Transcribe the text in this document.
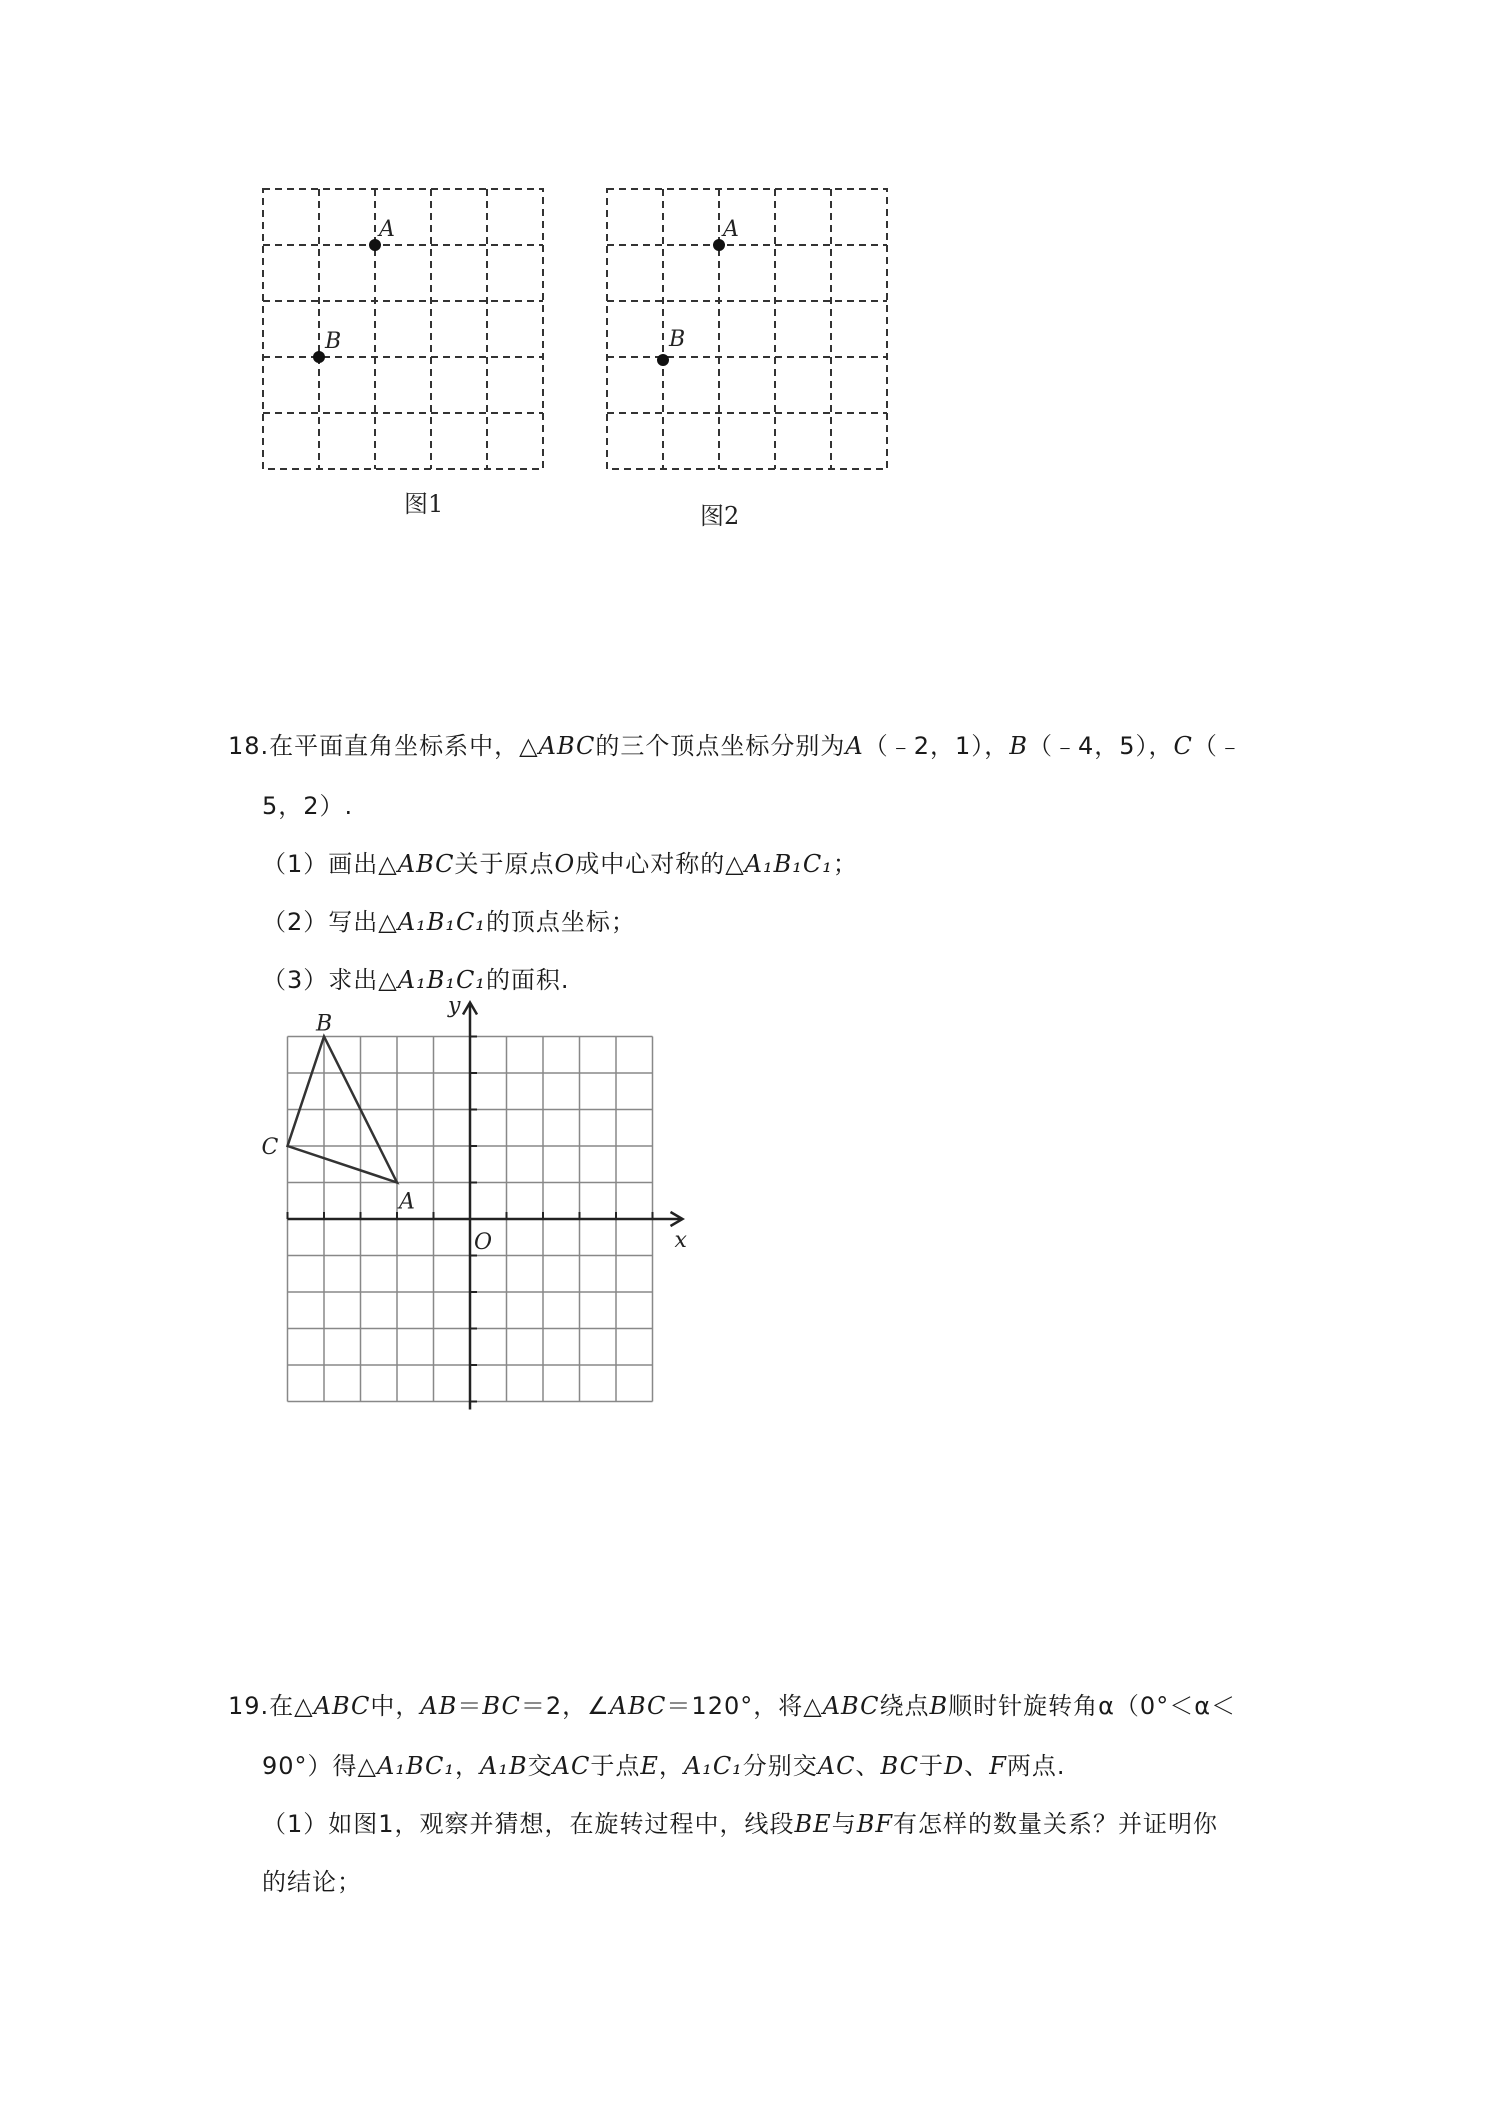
A
B
图1
A
B
图2
18.在平面直角坐标系中，△ABC的三个顶点坐标分别为A（﹣2，1），B（﹣4，5），C（﹣
5，2）.
（1）画出△ABC关于原点O成中心对称的△A₁B₁C₁；
（2）写出△A₁B₁C₁的顶点坐标；
（3）求出△A₁B₁C₁的面积.
y
x
O
A
B
C
19.在△ABC中，AB＝BC＝2，∠ABC＝120°，将△ABC绕点B顺时针旋转角α（0°＜α＜
90°）得△A₁BC₁，A₁B交AC于点E，A₁C₁分别交AC、BC于D、F两点.
（1）如图1，观察并猜想，在旋转过程中，线段BE与BF有怎样的数量关系？并证明你
的结论；
